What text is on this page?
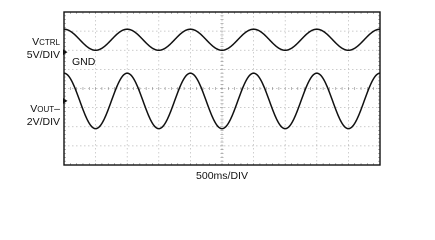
VCTRL
5V/DIV
GND
VOUT–
2V/DIV
500ms/DIV
